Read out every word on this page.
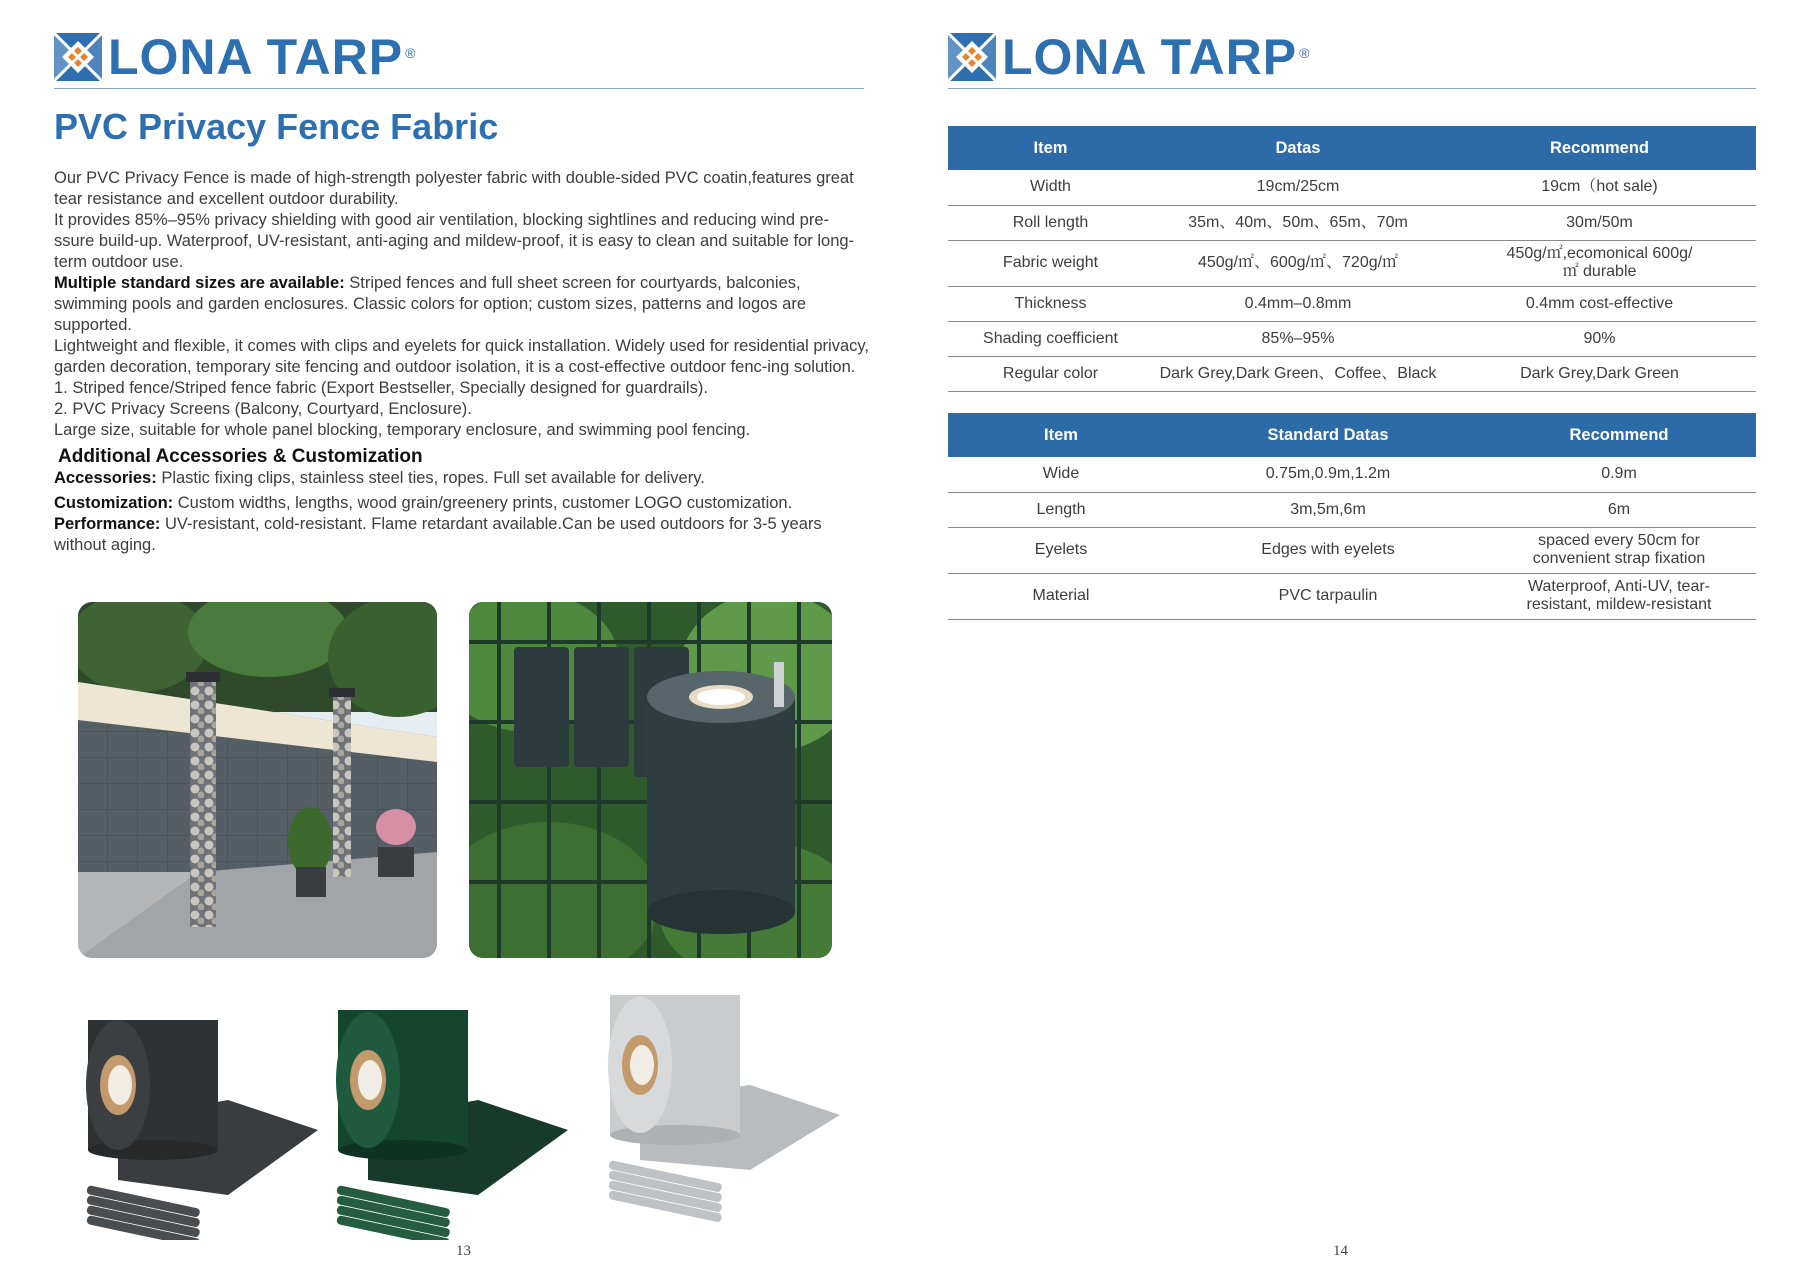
LONA TARP ®
PVC Privacy Fence Fabric

Our PVC Privacy Fence is made of high-strength polyester fabric with double-sided PVC coatin,features great tear resistance and excellent outdoor durability.

It provides 85%–95% privacy shielding with good air ventilation, blocking sightlines and reducing wind pre-ssure build-up. Waterproof, UV-resistant, anti-aging and mildew-proof, it is easy to clean and suitable for long-term outdoor use.

Multiple standard sizes are available: Striped fences and full sheet screen for courtyards, balconies, swimming pools and garden enclosures. Classic colors for option; custom sizes, patterns and logos are supported.

Lightweight and flexible, it comes with clips and eyelets for quick installation. Widely used for residential privacy, garden decoration, temporary site fencing and outdoor isolation, it is a cost-effective outdoor fenc-ing solution.

1. Striped fence/Striped fence fabric (Export Bestseller, Specially designed for guardrails).

2. PVC Privacy Screens (Balcony, Courtyard, Enclosure).

Large size, suitable for whole panel blocking, temporary enclosure, and swimming pool fencing.

Additional Accessories & Customization

Accessories: Plastic fixing clips, stainless steel ties, ropes. Full set available for delivery.

Customization: Custom widths, lengths, wood grain/greenery prints, customer LOGO customization.

Performance: UV-resistant, cold-resistant. Flame retardant available.Can be used outdoors for 3-5 years without aging.

13
LONA TARP ®
Item	Datas	Recommend
Width	19cm/25cm	19cm（hot sale)
Roll length	35m、40m、50m、65m、70m	30m/50m
Fabric weight	450g/㎡、600g/㎡、720g/㎡	450g/㎡,ecomonical 600g/㎡ durable
Thickness	0.4mm–0.8mm	0.4mm cost-effective
Shading coefficient	85%–95%	90%
Regular color	Dark Grey,Dark Green、Coffee、Black	Dark Grey,Dark Green
Item	Standard Datas	Recommend
Wide	0.75m,0.9m,1.2m	0.9m
Length	3m,5m,6m	6m
Eyelets	Edges with eyelets	spaced every 50cm for convenient strap fixation
Material	PVC tarpaulin	Waterproof, Anti-UV, tear-resistant, mildew-resistant
14
